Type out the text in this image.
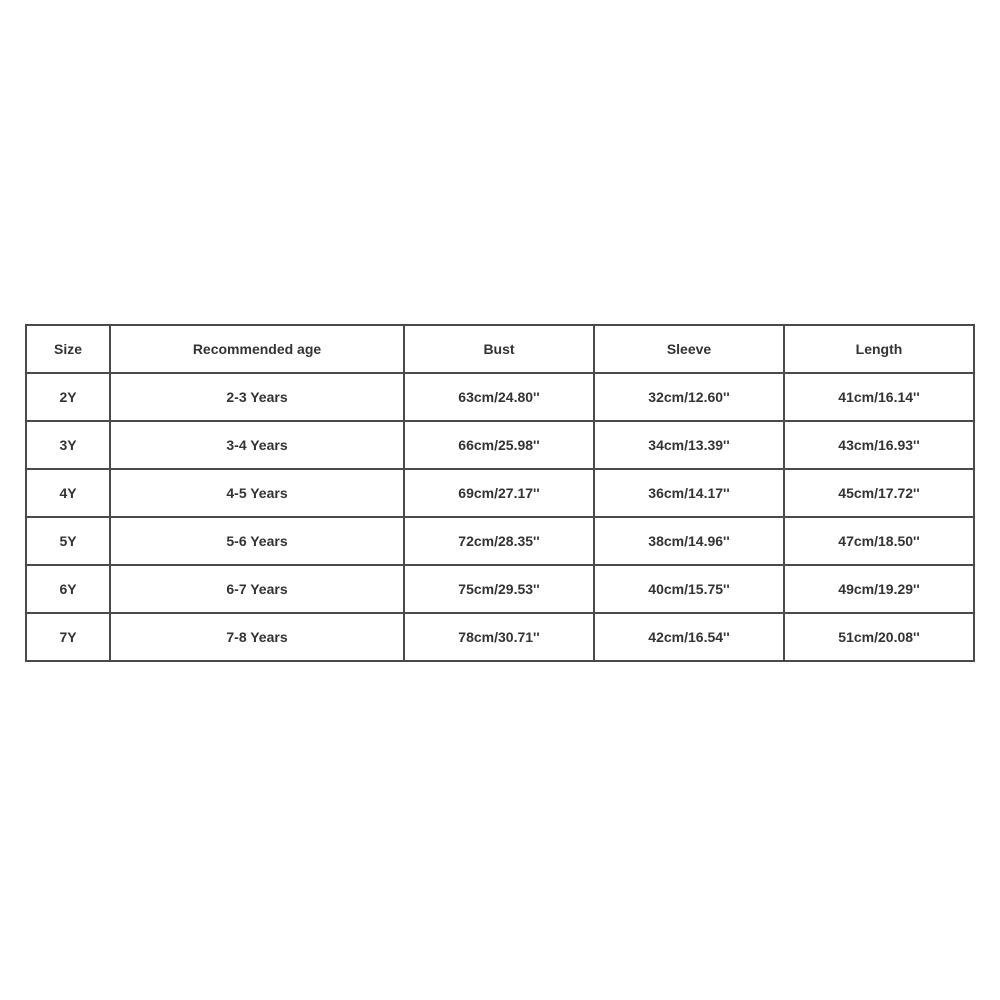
Size	Recommended age	Bust	Sleeve	Length
2Y	2-3 Years	63cm/24.80''	32cm/12.60''	41cm/16.14''
3Y	3-4 Years	66cm/25.98''	34cm/13.39''	43cm/16.93''
4Y	4-5 Years	69cm/27.17''	36cm/14.17''	45cm/17.72''
5Y	5-6 Years	72cm/28.35''	38cm/14.96''	47cm/18.50''
6Y	6-7 Years	75cm/29.53''	40cm/15.75''	49cm/19.29''
7Y	7-8 Years	78cm/30.71''	42cm/16.54''	51cm/20.08''
